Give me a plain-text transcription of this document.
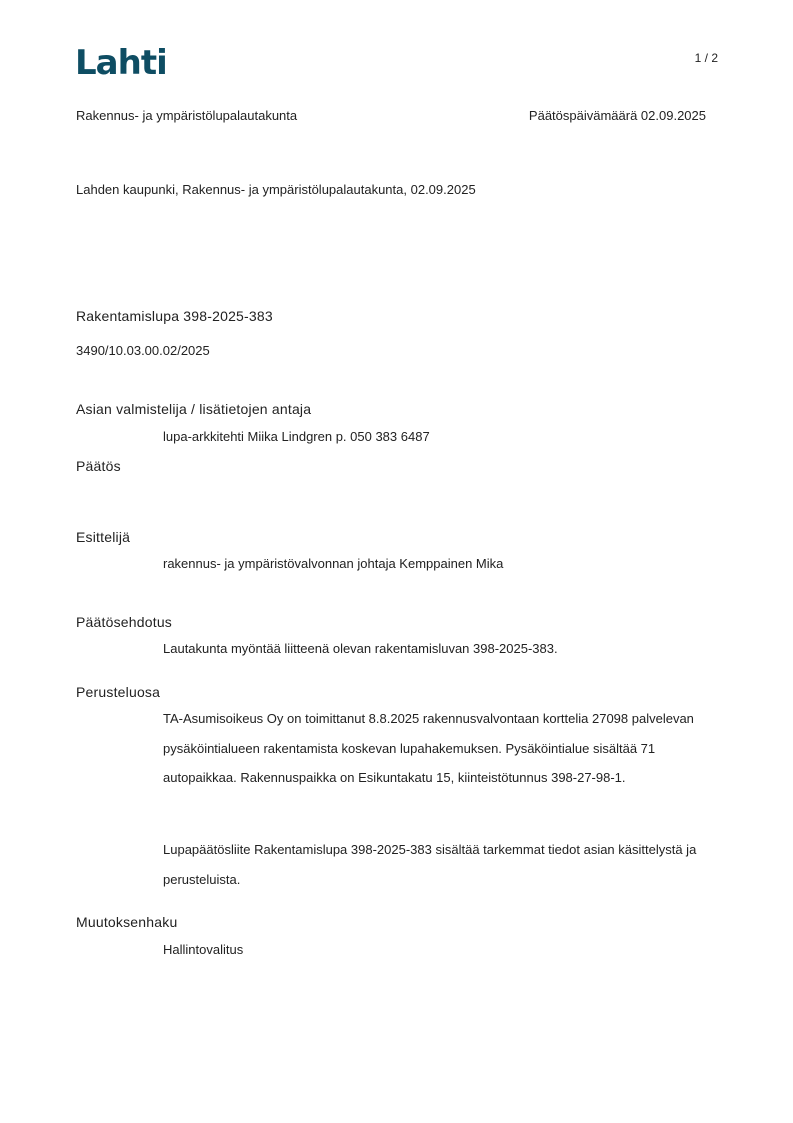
Lahti	1 / 2
Rakennus- ja ympäristölupalautakunta	Päätöspäivämäärä 02.09.2025
Lahden kaupunki, Rakennus- ja ympäristölupalautakunta, 02.09.2025
Rakentamislupa 398-2025-383
3490/10.03.00.02/2025
Asian valmistelija / lisätietojen antaja
lupa-arkkitehti Miika Lindgren p. 050 383 6487
Päätös
Esittelijä
rakennus- ja ympäristövalvonnan johtaja Kemppainen Mika
Päätösehdotus
Lautakunta myöntää liitteenä olevan rakentamisluvan 398-2025-383.
Perusteluosa
TA-Asumisoikeus Oy on toimittanut 8.8.2025 rakennusvalvontaan korttelia 27098 palvelevan pysäköintialueen rakentamista koskevan lupahakemuksen. Pysäköintialue sisältää 71 autopaikkaa. Rakennuspaikka on Esikuntakatu 15, kiinteistötunnus 398-27-98-1.
Lupapäätösliite Rakentamislupa 398-2025-383 sisältää tarkemmat tiedot asian käsittelystä ja perusteluista.
Muutoksenhaku
Hallintovalitus
